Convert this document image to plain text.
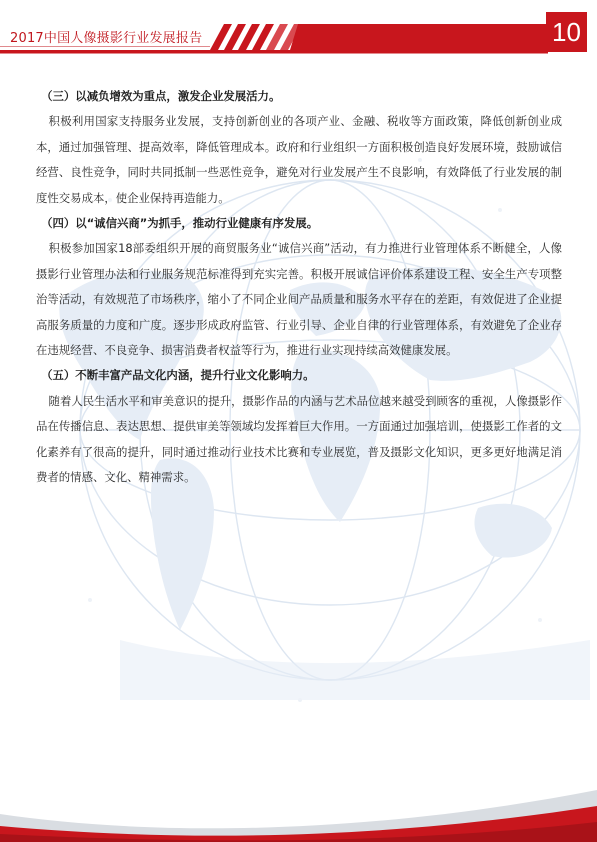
2017中国人像摄影行业发展报告	10

（三）以减负增效为重点，激发企业发展活力。

积极利用国家支持服务业发展，支持创新创业的各项产业、金融、税收等方面政策，降低创新创业成本，通过加强管理、提高效率，降低管理成本。政府和行业组织一方面积极创造良好发展环境，鼓励诚信经营、良性竞争，同时共同抵制一些恶性竞争，避免对行业发展产生不良影响，有效降低了行业发展的制度性交易成本，使企业保持再造能力。

（四）以“诚信兴商”为抓手，推动行业健康有序发展。

积极参加国家18部委组织开展的商贸服务业“诚信兴商”活动，有力推进行业管理体系不断健全，人像摄影行业管理办法和行业服务规范标准得到充实完善。积极开展诚信评价体系建设工程、安全生产专项整治等活动，有效规范了市场秩序，缩小了不同企业间产品质量和服务水平存在的差距，有效促进了企业提高服务质量的力度和广度。逐步形成政府监管、行业引导、企业自律的行业管理体系，有效避免了企业存在违规经营、不良竞争、损害消费者权益等行为，推进行业实现持续高效健康发展。

（五）不断丰富产品文化内涵，提升行业文化影响力。

随着人民生活水平和审美意识的提升，摄影作品的内涵与艺术品位越来越受到顾客的重视，人像摄影作品在传播信息、表达思想、提供审美等领域均发挥着巨大作用。一方面通过加强培训，使摄影工作者的文化素养有了很高的提升，同时通过推动行业技术比赛和专业展览，普及摄影文化知识，更多更好地满足消费者的情感、文化、精神需求。
